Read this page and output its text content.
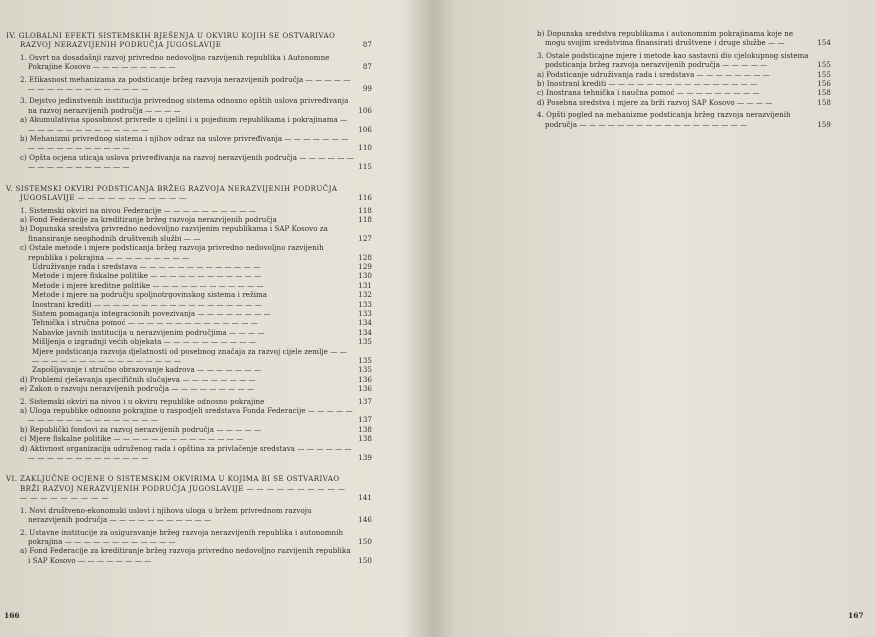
IV. GLOBALNI EFEKTI SISTEMSKIH RJEŠENJA U OKVIRU KOJIH SE OSTVARIVAO RAZVOJ NERAZVIJENIH PODRUČJA JUGOSLAVIJE	87
1. Osvrt na dosadašnji razvoj privredno nedovoljno razvijenih republika i Autonomne Pokrajine Kosovo — — — — — — — — —	87
2. Efikasnost mehanizama za podsticanje bržeg razvoja nerazvijenih područja — — — — — — — — — — — — — — — — — —	99
3. Dejstvo jedinstvenih institucija privrednog sistema odnosno opštih uslova privređivanja na razvoj nerazvijenih područja — — — —	106
a) Akumulativna sposobnost privrede u cjelini i u pojedinim republikama i pokrajinama — — — — — — — — — — — — — —	106
b) Mehanizmi privrednog sistema i njihov odraz na uslove privređivanja — — — — — — — — — — — — — — — — — —	110
c) Opšta ocjena uticaja uslova privređivanja na razvoj nerazvijenih područja — — — — — — — — — — — — — — — — —	115
V. SISTEMSKI OKVIRI PODSTICANJA BRŽEG RAZVOJA NERAZVIJENIH PODRUČJA JUGOSLAVIJE — — — — — — — — — — —	116
1. Sistemski okviri na nivou Federacije — — — — — — — — — —	118
a) Fond Federacije za kreditiranje bržeg razvoja nerazvijenih područja	118
b) Dopunska sredstva privredno nedovoljno razvijenim republikama i SAP Kosovo za finansiranje neophodnih društvenih službi — —	127
c) Ostale metode i mjere podsticanja bržeg razvoja privredno nedovoljno razvijenih republika i pokrajina — — — — — — — — —	128
Udruživanje rada i sredstava — — — — — — — — — — — — —	129
Metode i mjere fiskalne politike — — — — — — — — — — — —	130
Metode i mjere kreditne politike — — — — — — — — — — — —	131
Metode i mjere na području spoljnotrgovinskog sistema i režima	132
Inostrani krediti — — — — — — — — — — — — — — — — — —	133
Sistem pomaganja integracionih povezivanja — — — — — — — —	133
Tehnička i stručna pomoć — — — — — — — — — — — — — —	134
Nabavke javnih institucija u nerazvijenim područjima — — — —	134
Mišljenja o izgradnji većih objekata — — — — — — — — — —	135
Mjere podsticanja razvoja djelatnosti od posebnog značaja za razvoj cijele zemlje — — — — — — — — — — — — — — — — — —	135
Zapošljavanje i stručno obrazovanje kadrova — — — — — — —	135
d) Problemi rješavanja specifičnih slučajeva — — — — — — — —	136
e) Zakon o razvoju nerazvijenih područja — — — — — — — — —	136
2. Sistemski okviri na nivou i u okviru republike odnosno pokrajine	137
a) Uloga republike odnosno pokrajine u raspodjeli sredstava Fonda Federacije — — — — — — — — — — — — — — — — — — —	137
b) Republički fondovi za razvoj nerazvijenih područja — — — — —	138
c) Mjere fiskalne politike — — — — — — — — — — — — — —	138
d) Aktivnost organizacija udruženog rada i opština za privlačenje sredstava — — — — — — — — — — — — — — — — — — —	139
VI. ZAKLJUČNE OCJENE O SISTEMSKIM OKVIRIMA U KOJIMA BI SE OSTVARIVAO BRŽI RAZVOJ NERAZVIJENIH PODRUČJA JUGOSLAVIJE — — — — — — — — — — — — — — — — — — —	141
1. Novi društveno-ekonomski uslovi i njihova uloga u bržem privrednom razvoju nerazvijenih područja — — — — — — — — — — —	146
2. Ustavne institucije za osiguravanje bržeg razvoja nerazvijenih republika i autonomnih pokrajina — — — — — — — — — — — —	150
a) Fond Federacije za kreditiranje bržeg razvoja privredno nedovoljno razvijenih republika i SAP Kosovo — — — — — — — —	150
166
b) Dopunska sredstva republikama i autonomnim pokrajinama koje ne mogu svojim sredstvima finansirati društvene i druge službe — —	154
3. Ostale podsticajne mjere i metode kao sastavni dio cjelokupnog sistema podsticanja bržeg razvoja nerazvijenih područja — — — — —	155
a) Podsticanje udruživanja rada i sredstava — — — — — — — —	155
b) Inostrani krediti — — — — — — — — — — — — — — — —	156
c) Inostrana tehnička i naučna pomoć — — — — — — — — —	158
d) Posebna sredstva i mjere za brži razvoj SAP Kosovo — — — —	158
4. Opšti pogled na mehanizme podsticanja bržeg razvoja nerazvijenih područja — — — — — — — — — — — — — — — — — —	159
167
